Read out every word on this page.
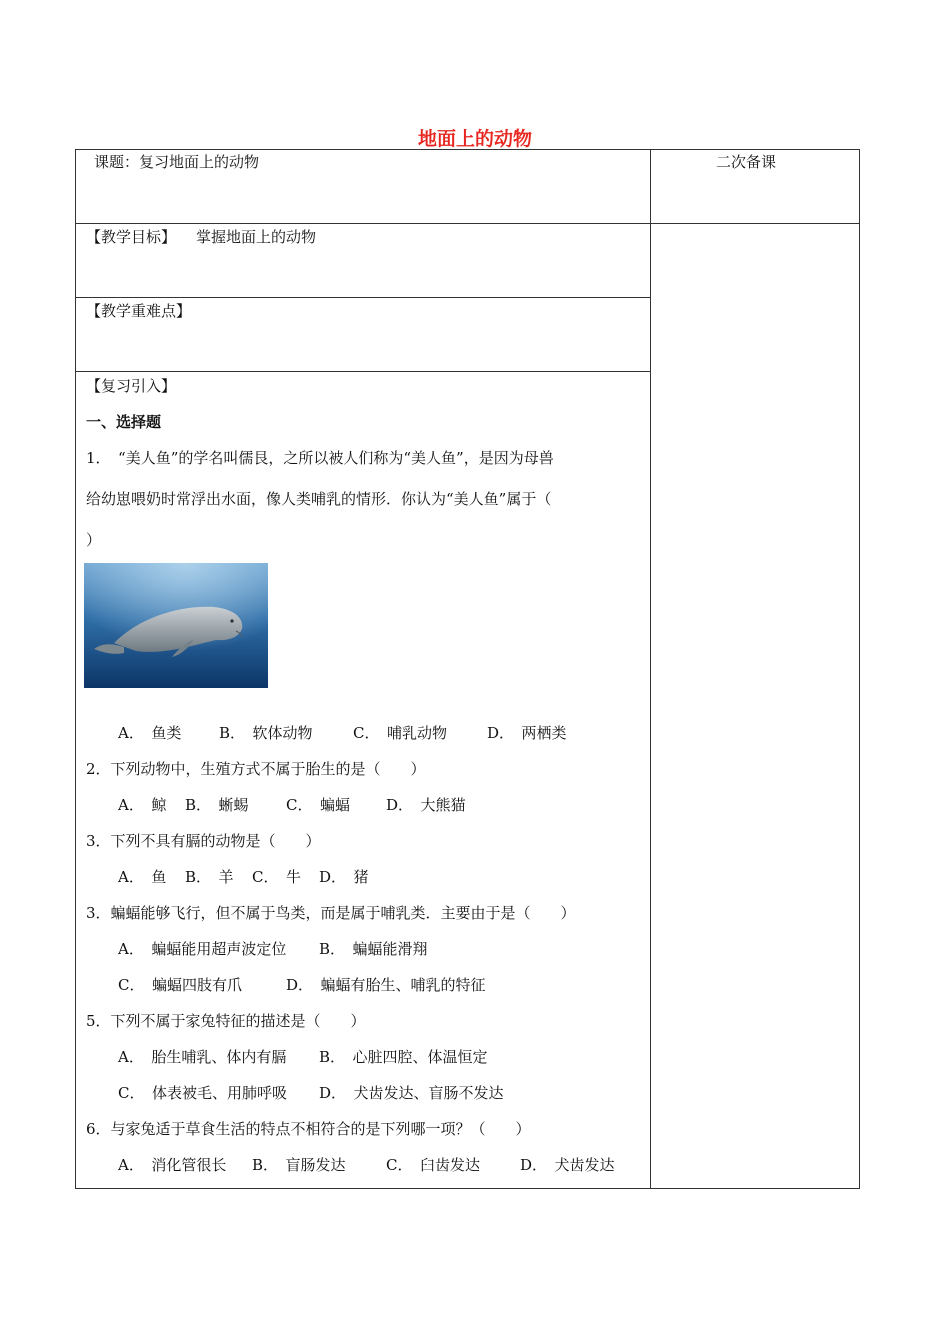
地面上的动物
课题：复习地面上的动物	二次备课
【教学目标】 掌握地面上的动物
【教学重难点】
【复习引入】
一、选择题
1．　“美人鱼”的学名叫儒艮，之所以被人们称为“美人鱼”，是因为母兽
给幼崽喂奶时常浮出水面，像人类哺乳的情形．你认为“美人鱼”属于（
）
A．　鱼类	B．　软体动物	C．　哺乳动物	D．　两栖类
2．下列动物中，生殖方式不属于胎生的是（　　）
A．　鲸 B．　蜥蜴 C．　蝙蝠 D．　大熊猫
3．下列不具有膈的动物是（　　）
A．　鱼 B．　羊 C．　牛 D．　猪
3．蝙蝠能够飞行，但不属于鸟类，而是属于哺乳类．主要由于是（　　）
A．　蝙蝠能用超声波定位 B．　蝙蝠能滑翔
C．　蝙蝠四肢有爪	D．　蝙蝠有胎生、哺乳的特征
5．下列不属于家兔特征的描述是（　　）
A．　胎生哺乳、体内有膈 B．　心脏四腔、体温恒定
C．　体表被毛、用肺呼吸 D．　犬齿发达、盲肠不发达
6．与家兔适于草食生活的特点不相符合的是下列哪一项？（　　）
A．　消化管很长 B．　盲肠发达	C．　臼齿发达	D．　犬齿发达
